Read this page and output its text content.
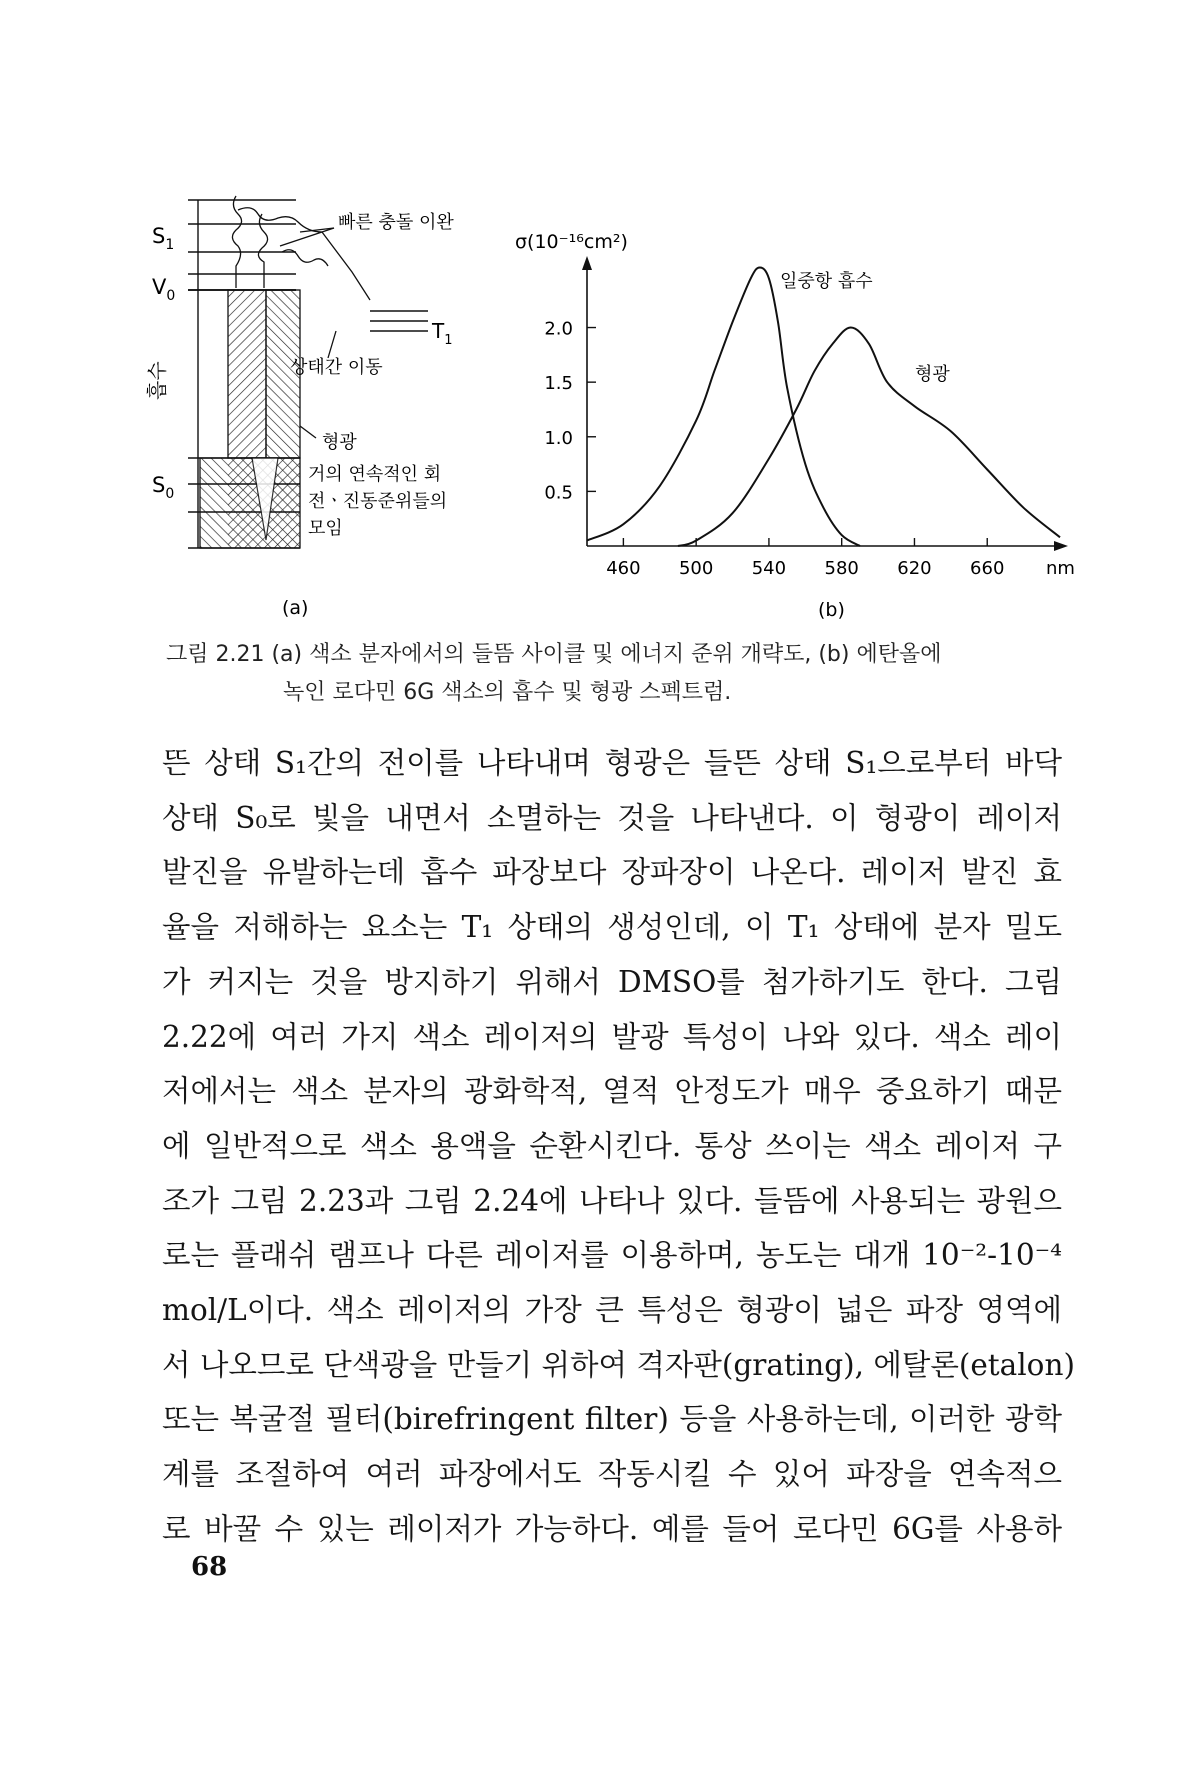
$S_1$
$V_0$
흡수
$S_0$
빠른 충돌 이완
$T_1$
상태간 이동
형광
거의 연속적인 회
전ㆍ진동준위들의
모임
(a)
σ(10⁻¹⁶cm²)
nm
460 500 540 580 620 660
0.5
1.0
1.5
2.0
일중항 흡수
형광
(b)
그림 2.21 (a) 색소 분자에서의 들뜸 사이클 및 에너지 준위 개략도, (b) 에탄올에
녹인 로다민 6G 색소의 흡수 및 형광 스펙트럼.
뜬 상태 S₁간의 전이를 나타내며 형광은 들뜬 상태 S₁으로부터 바닥
상태 S₀로 빛을 내면서 소멸하는 것을 나타낸다. 이 형광이 레이저
발진을 유발하는데 흡수 파장보다 장파장이 나온다. 레이저 발진 효
율을 저해하는 요소는 T₁ 상태의 생성인데, 이 T₁ 상태에 분자 밀도
가 커지는 것을 방지하기 위해서 DMSO를 첨가하기도 한다. 그림
2.22에 여러 가지 색소 레이저의 발광 특성이 나와 있다. 색소 레이
저에서는 색소 분자의 광화학적, 열적 안정도가 매우 중요하기 때문
에 일반적으로 색소 용액을 순환시킨다. 통상 쓰이는 색소 레이저 구
조가 그림 2.23과 그림 2.24에 나타나 있다. 들뜸에 사용되는 광원으
로는 플래쉬 램프나 다른 레이저를 이용하며, 농도는 대개 10⁻²-10⁻⁴
mol/L이다. 색소 레이저의 가장 큰 특성은 형광이 넓은 파장 영역에
서 나오므로 단색광을 만들기 위하여 격자판(grating), 에탈론(etalon)
또는 복굴절 필터(birefringent filter) 등을 사용하는데, 이러한 광학
계를 조절하여 여러 파장에서도 작동시킬 수 있어 파장을 연속적으
로 바꿀 수 있는 레이저가 가능하다. 예를 들어 로다민 6G를 사용하
68
